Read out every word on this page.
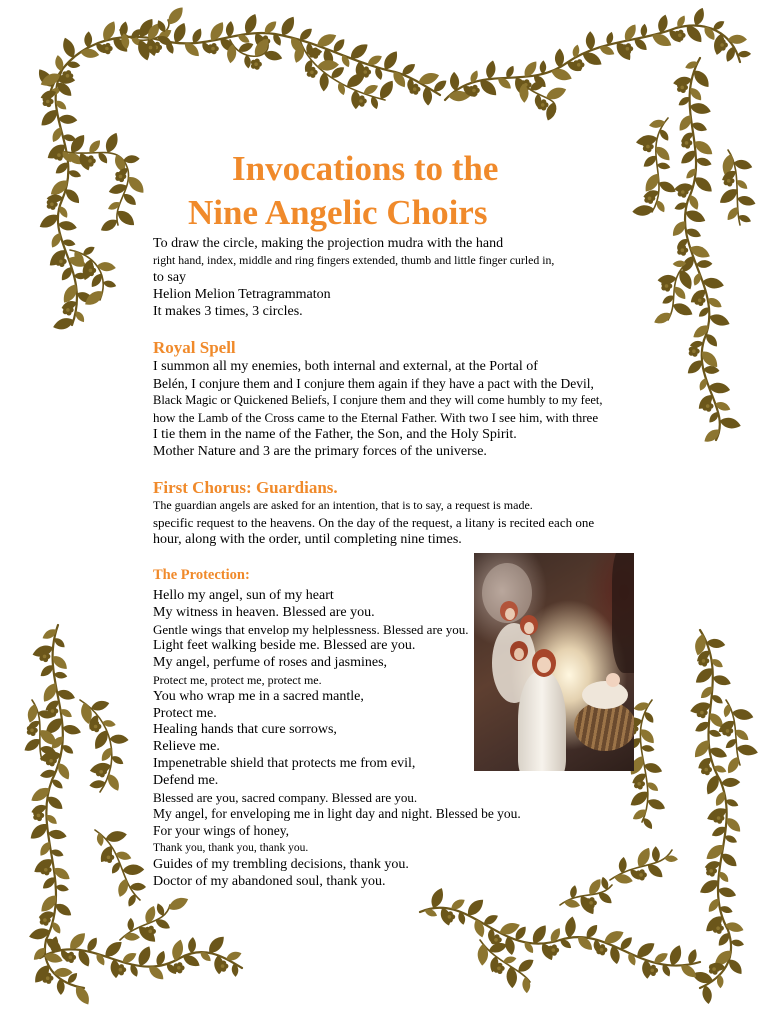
Invocations to the
Nine Angelic Choirs
To draw the circle, making the projection mudra with the hand
right hand, index, middle and ring fingers extended, thumb and little finger curled in,
to say
Helion Melion Tetragrammaton
It makes 3 times, 3 circles.
Royal Spell
I summon all my enemies, both internal and external, at the Portal of
Belén, I conjure them and I conjure them again if they have a pact with the Devil,
Black Magic or Quickened Beliefs, I conjure them and they will come humbly to my feet,
how the Lamb of the Cross came to the Eternal Father. With two I see him, with three
I tie them in the name of the Father, the Son, and the Holy Spirit.
Mother Nature and 3 are the primary forces of the universe.
First Chorus: Guardians.
The guardian angels are asked for an intention, that is to say, a request is made.
specific request to the heavens. On the day of the request, a litany is recited each one
hour, along with the order, until completing nine times.
The Protection:
Hello my angel, sun of my heart
My witness in heaven. Blessed are you.
Gentle wings that envelop my helplessness. Blessed are you.
Light feet walking beside me. Blessed are you.
My angel, perfume of roses and jasmines,
Protect me, protect me, protect me.
You who wrap me in a sacred mantle,
Protect me.
Healing hands that cure sorrows,
Relieve me.
Impenetrable shield that protects me from evil,
Defend me.
Blessed are you, sacred company. Blessed are you.
My angel, for enveloping me in light day and night. Blessed be you.
For your wings of honey,
Thank you, thank you, thank you.
Guides of my trembling decisions, thank you.
Doctor of my abandoned soul, thank you.
